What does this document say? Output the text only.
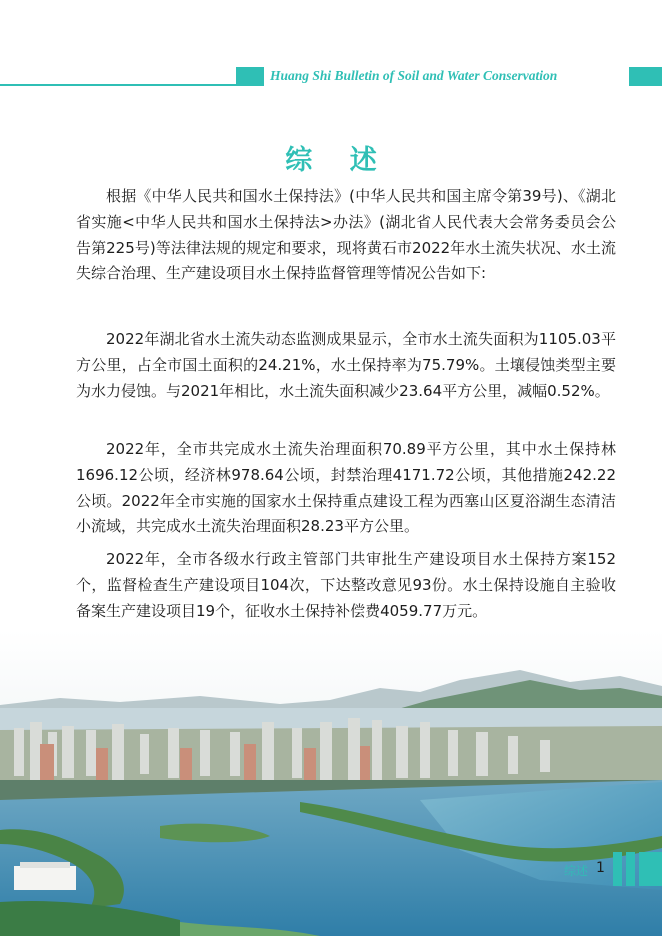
Huang Shi Bulletin of Soil and Water Conservation
综 述
根据《中华人民共和国水土保持法》(中华人民共和国主席令第39号)、《湖北省实施<中华人民共和国水土保持法>办法》(湖北省人民代表大会常务委员会公告第225号)等法律法规的规定和要求，现将黄石市2022年水土流失状况、水土流失综合治理、生产建设项目水土保持监督管理等情况公告如下:
2022年湖北省水土流失动态监测成果显示，全市水土流失面积为1105.03平方公里，占全市国土面积的24.21%，水土保持率为75.79%。土壤侵蚀类型主要为水力侵蚀。与2021年相比，水土流失面积减少23.64平方公里，减幅0.52%。
2022年，全市共完成水土流失治理面积70.89平方公里，其中水土保持林1696.12公顷，经济林978.64公顷，封禁治理4171.72公顷，其他措施242.22公顷。2022年全市实施的国家水土保持重点建设工程为西塞山区夏浴湖生态清洁小流域，共完成水土流失治理面积28.23平方公里。
2022年，全市各级水行政主管部门共审批生产建设项目水土保持方案152个，监督检查生产建设项目104次，下达整改意见93份。水土保持设施自主验收备案生产建设项目19个，征收水土保持补偿费4059.77万元。
综述 1
